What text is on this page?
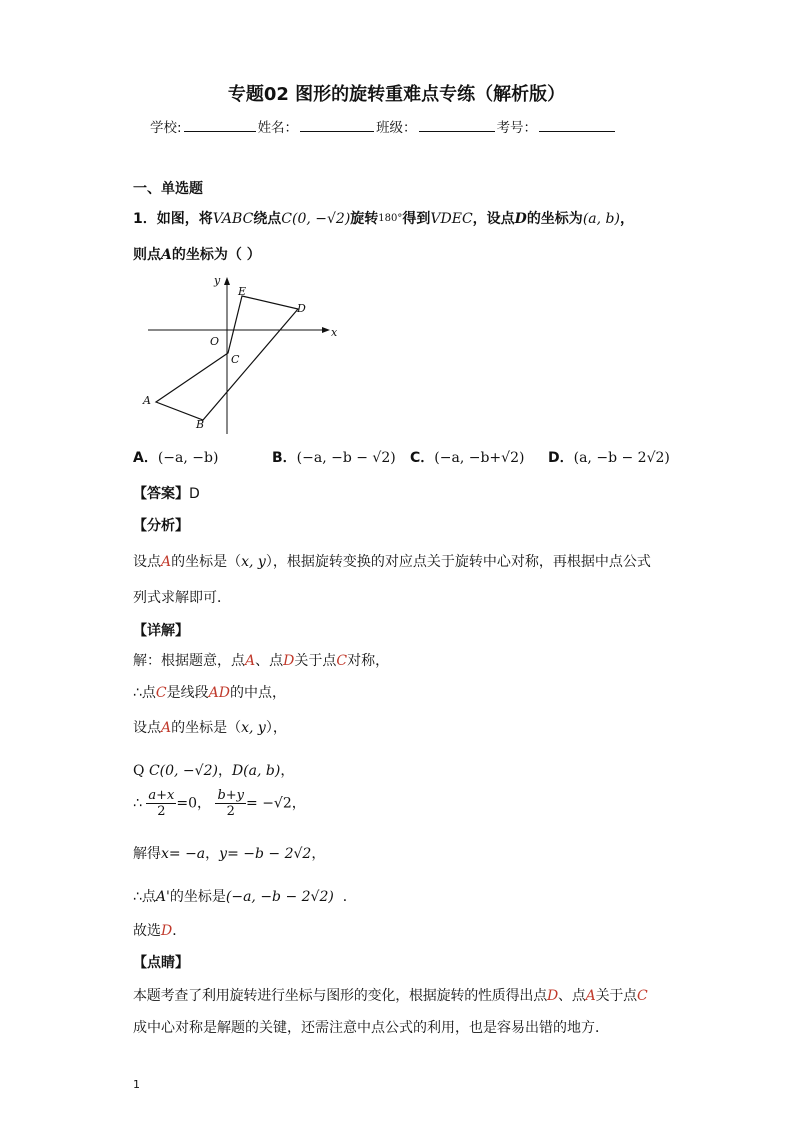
专题02 图形的旋转重难点专练（解析版）
学校:	姓名：	班级：	考号：
一、单选题
1．如图，将VABC绕点C(0, −√2)旋转180°得到VDEC，设点D的坐标为(a, b)，
则点A的坐标为（ ）
y
x
E
D
O
C
A
B
A．(−a, −b)	B．(−a, −b − √2) C．(−a, −b+√2) D．(a, −b − 2√2)
【答案】D
【分析】
设点A的坐标是（x, y），根据旋转变换的对应点关于旋转中心对称，再根据中点公式
列式求解即可．
【详解】
解：根据题意，点A、点D关于点C对称，
∴点C是线段AD的中点，
设点A的坐标是（x, y），
Q C(0, −√2)，D(a, b)，
∴ $\frac{a+x}{2} =0$， $\frac{b+y}{2} = -√2$，
解得x= −a，y= −b − 2√2，
∴点A'的坐标是(−a, −b − 2√2) ．
故选D．
【点睛】
本题考查了利用旋转进行坐标与图形的变化，根据旋转的性质得出点D、点A关于点C
成中心对称是解题的关键，还需注意中点公式的利用，也是容易出错的地方．
1
